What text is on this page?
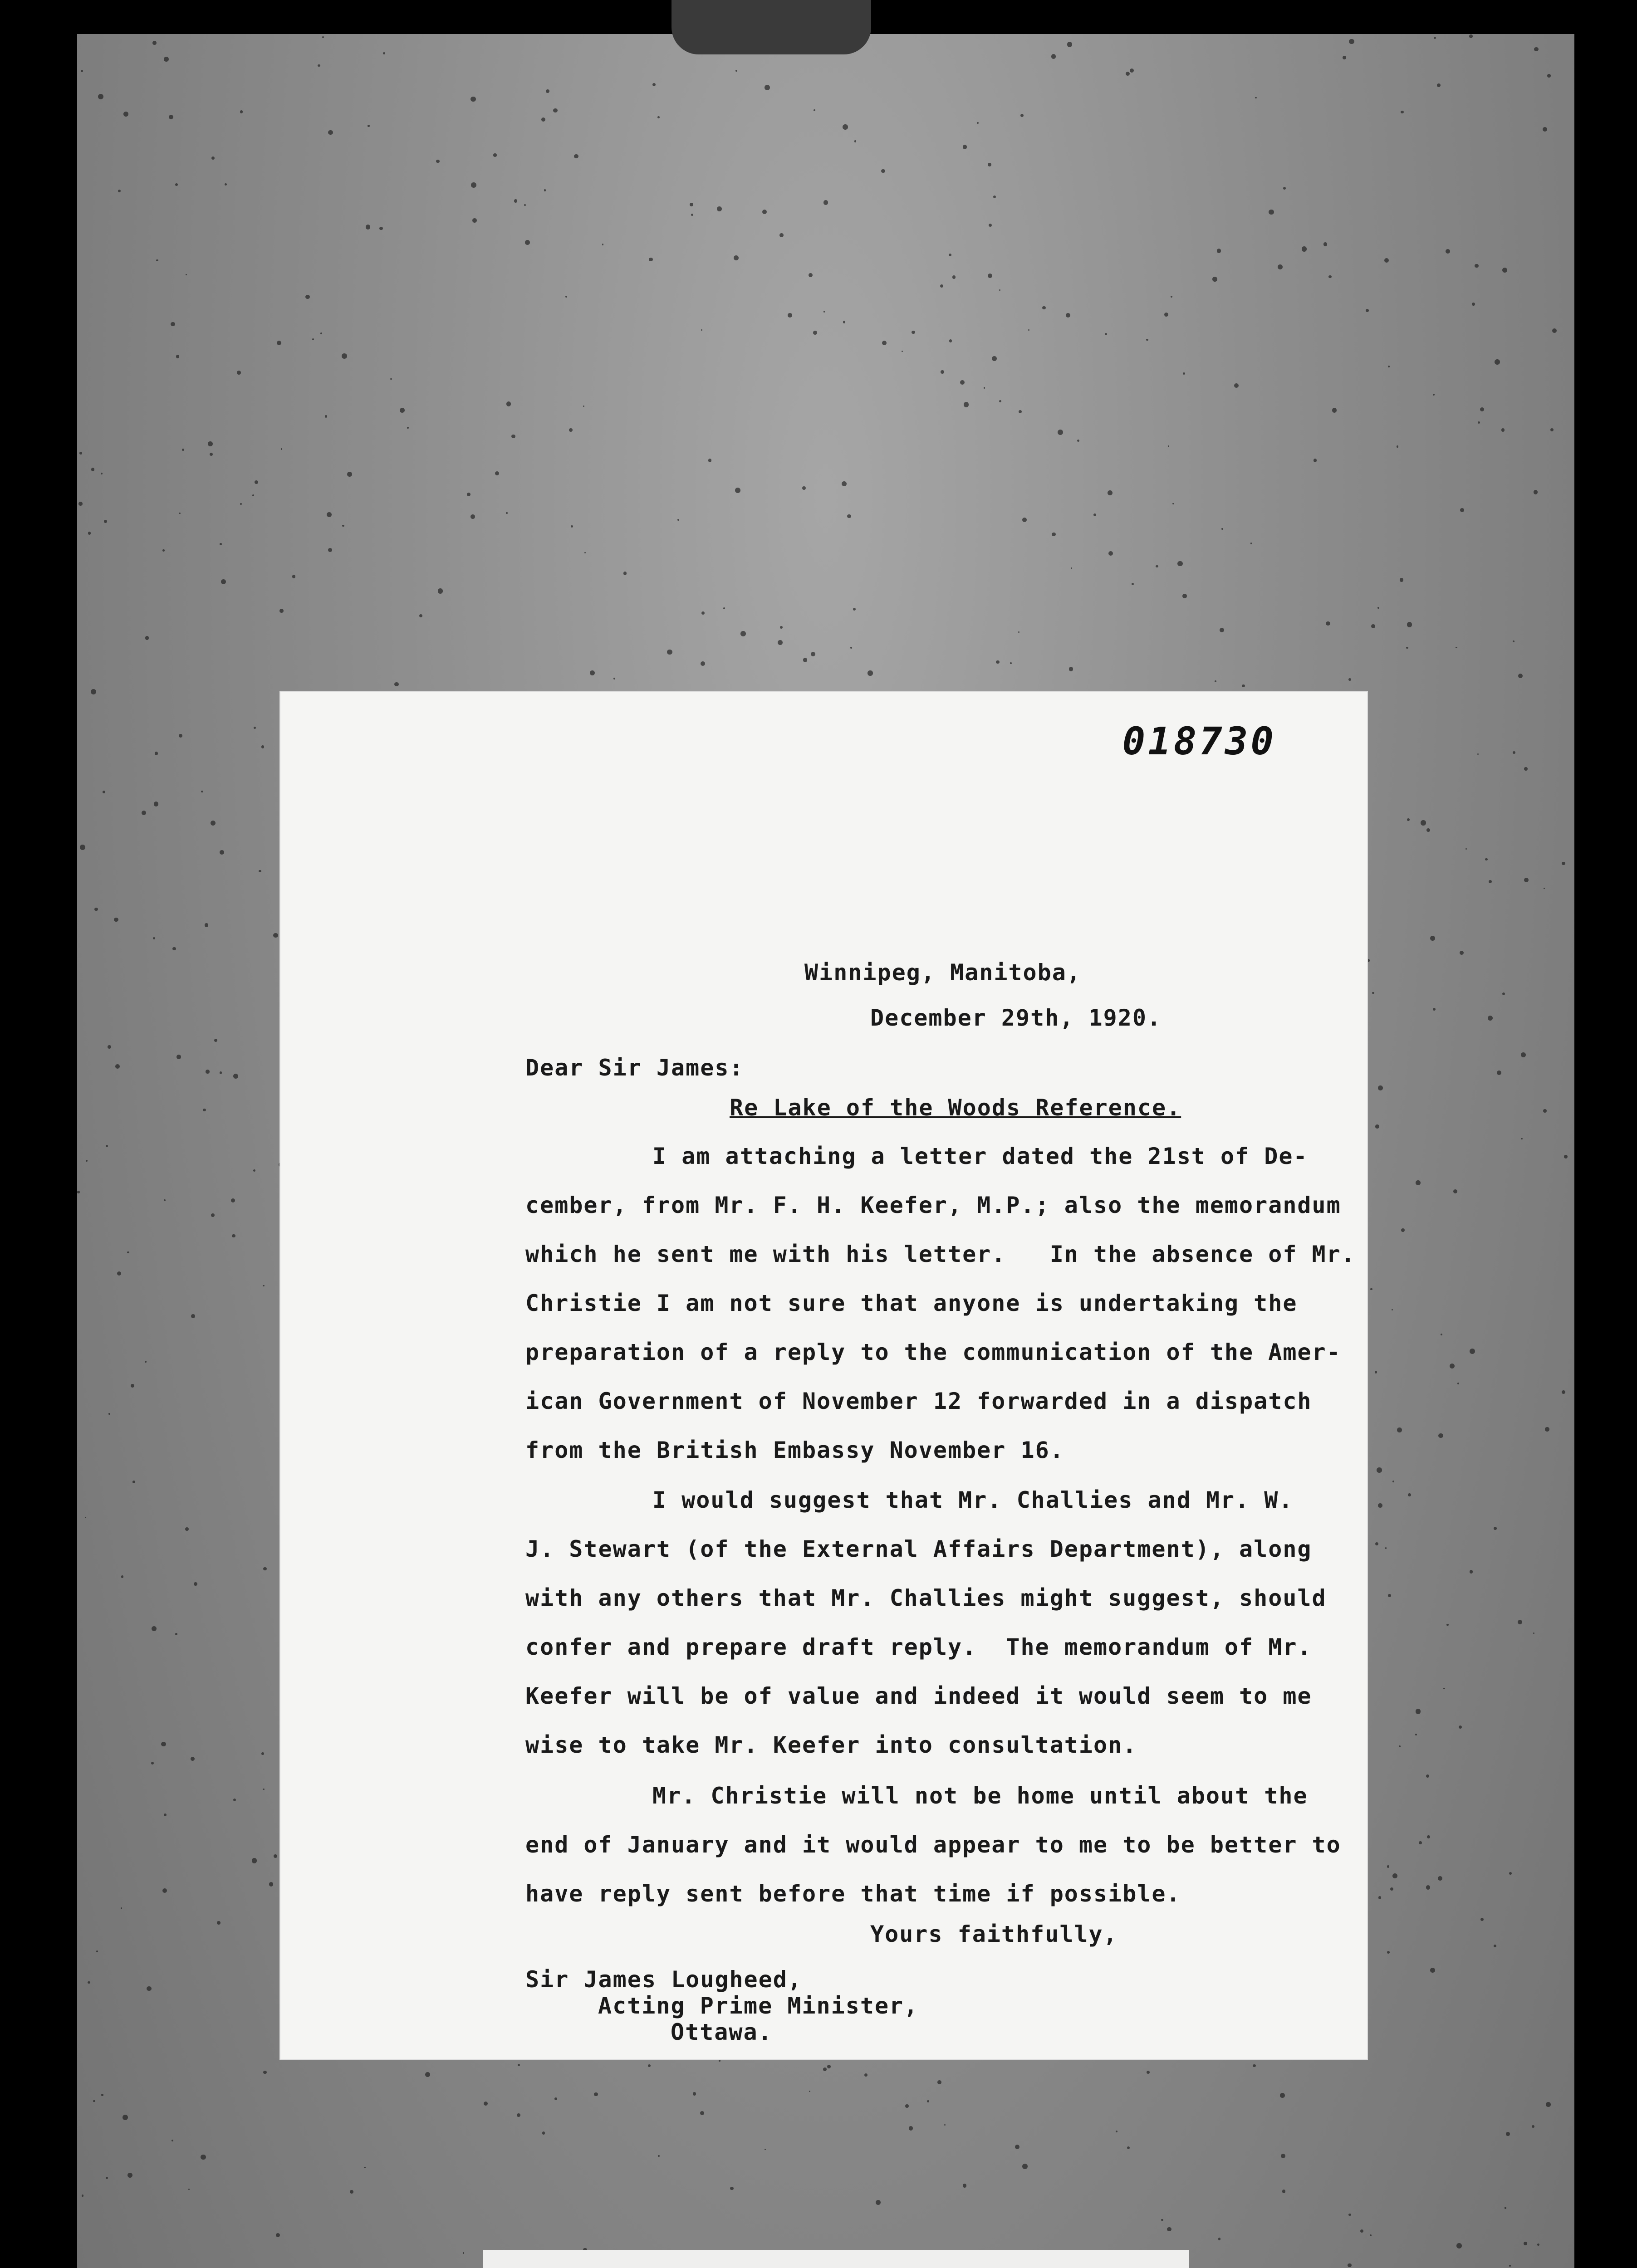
018730
Winnipeg, Manitoba,
December 29th, 1920.
Dear Sir James:
Re Lake of the Woods Reference.
I am attaching a letter dated the 21st of De-
cember, from Mr. F. H. Keefer, M.P.; also the memorandum
which he sent me with his letter.   In the absence of Mr.
Christie I am not sure that anyone is undertaking the
preparation of a reply to the communication of the Amer-
ican Government of November 12 forwarded in a dispatch
from the British Embassy November 16.
I would suggest that Mr. Challies and Mr. W.
J. Stewart (of the External Affairs Department), along
with any others that Mr. Challies might suggest, should
confer and prepare draft reply.  The memorandum of Mr.
Keefer will be of value and indeed it would seem to me
wise to take Mr. Keefer into consultation.
Mr. Christie will not be home until about the
end of January and it would appear to me to be better to
have reply sent before that time if possible.
Yours faithfully,
Sir James Lougheed,
Acting Prime Minister,
Ottawa.
